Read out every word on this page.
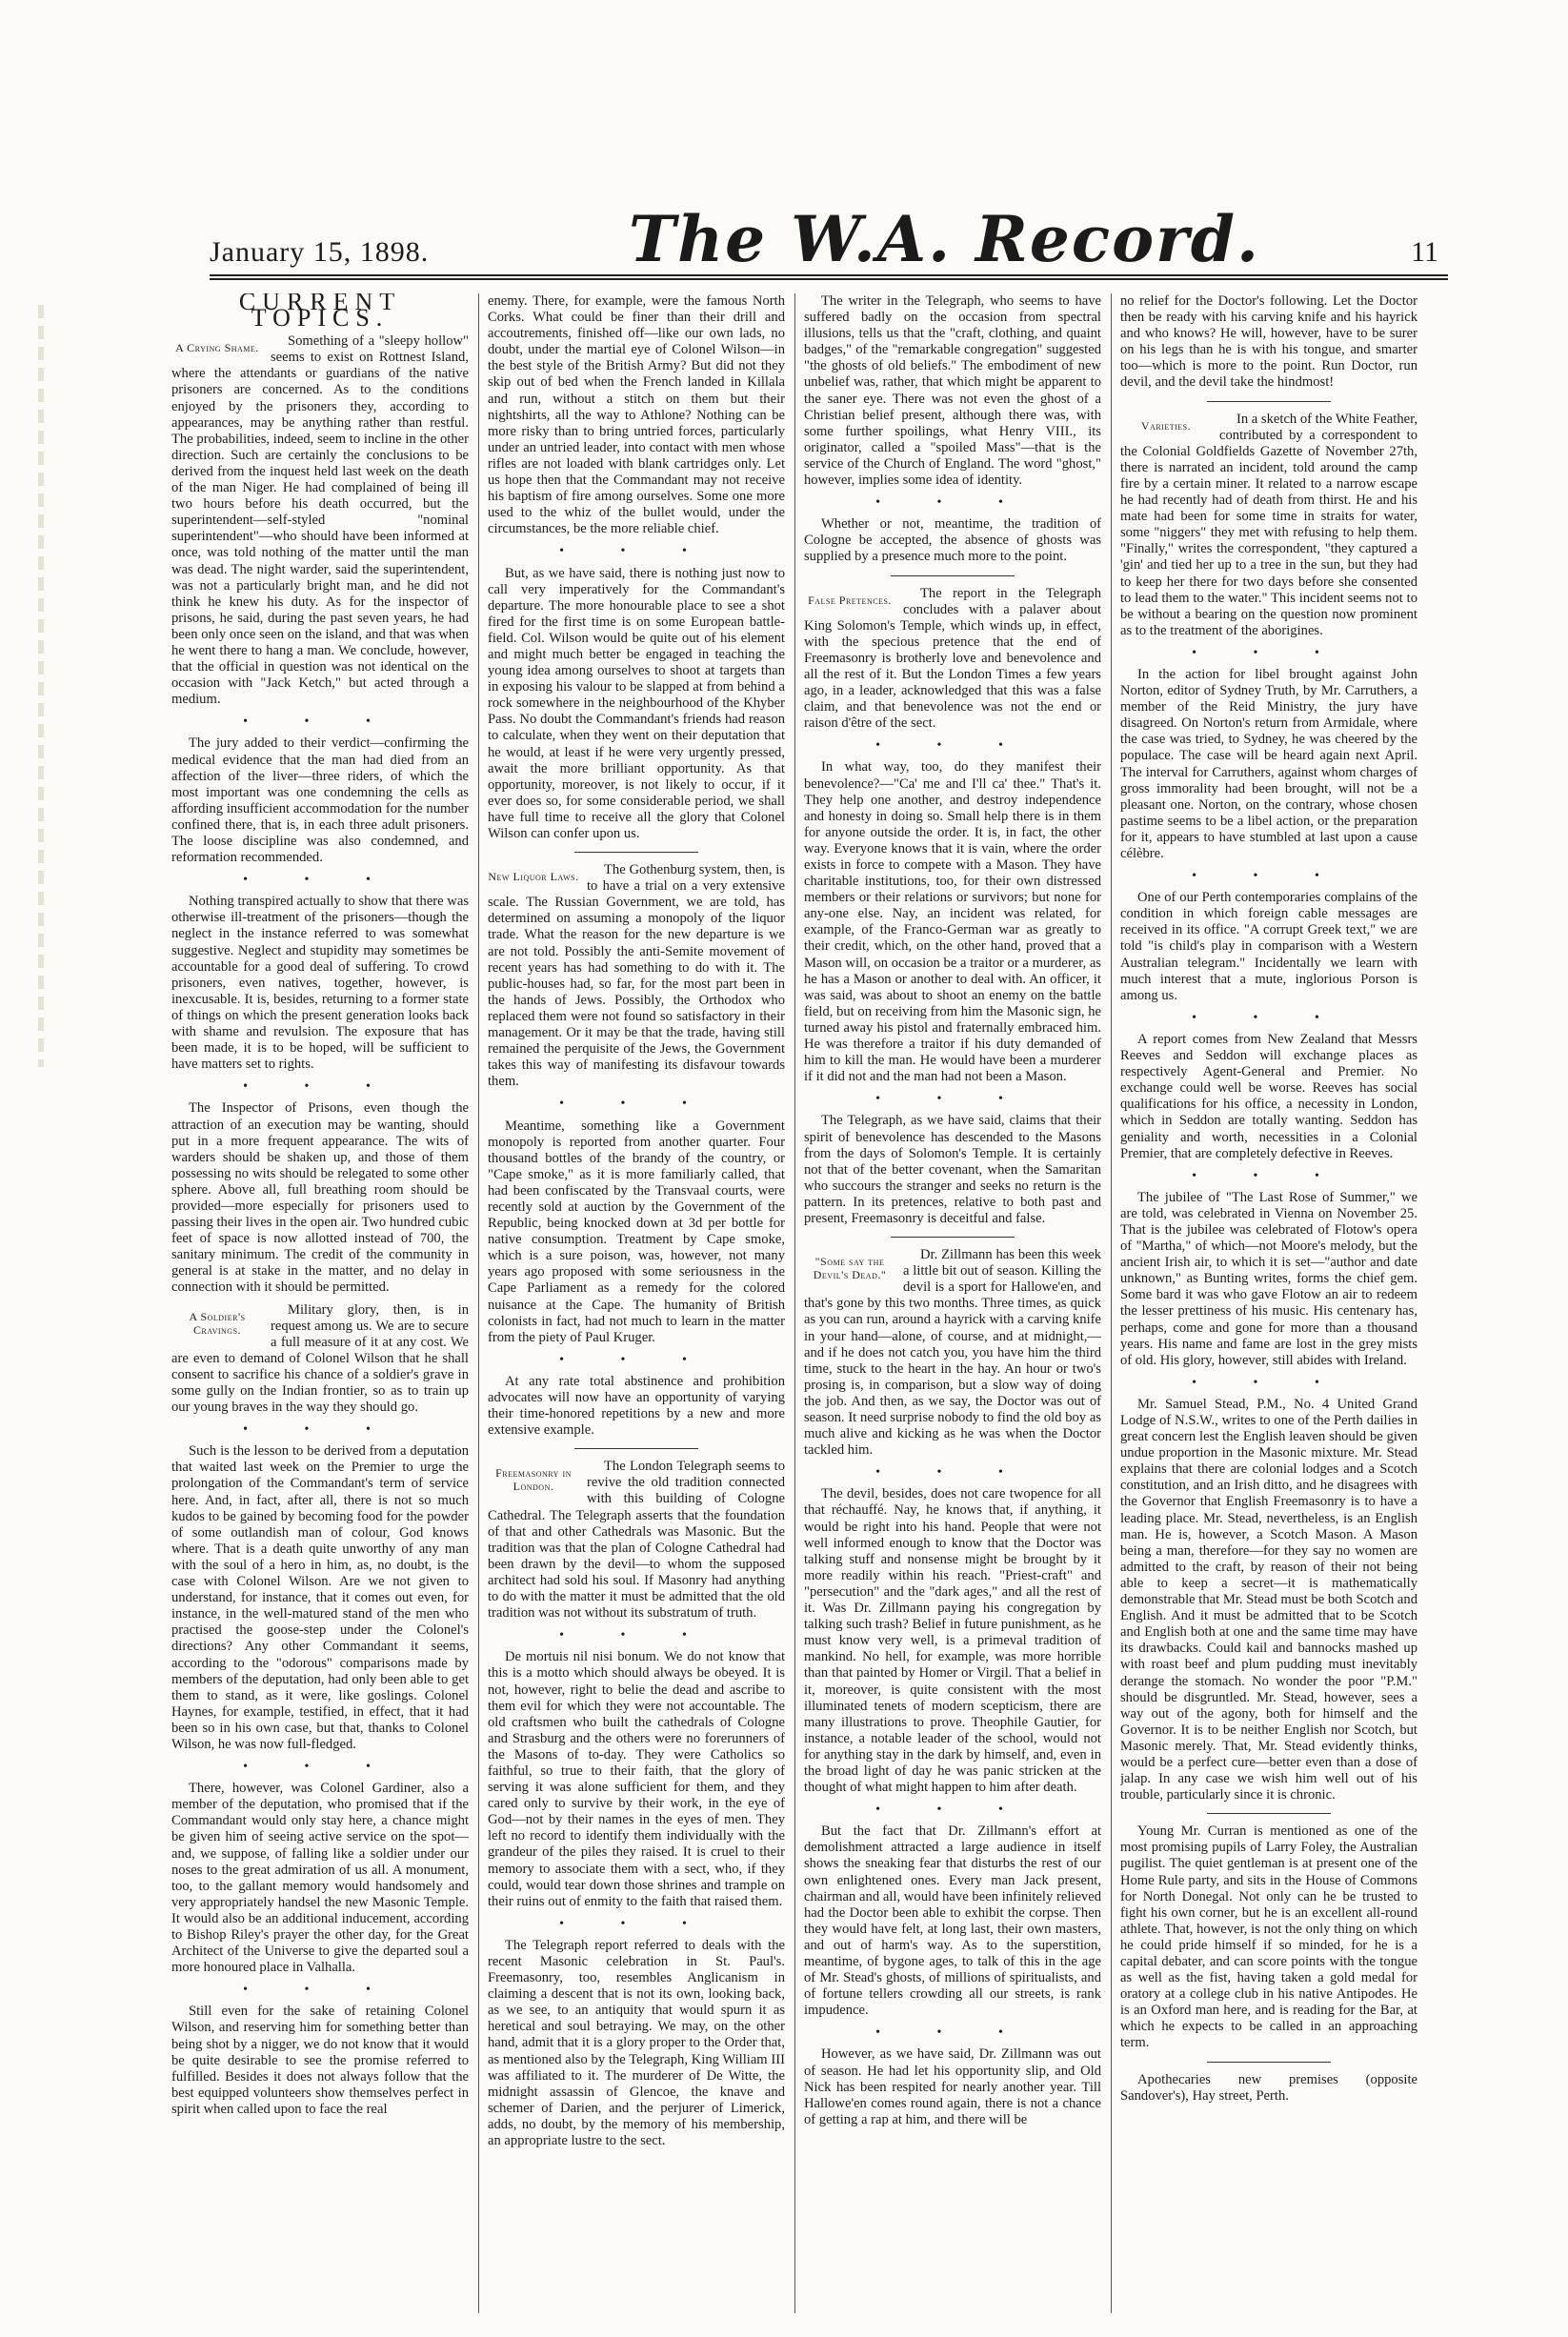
January 15, 1898.	The W.A. Record.	11
CURRENT TOPICS.
A Crying Shame.	Something of a "sleepy hollow" seems to exist on Rottnest Island, where the attendants or guardians of the native prisoners are concerned. As to the conditions enjoyed by the prisoners they, according to appearances, may be anything rather than restful. The probabilities, indeed, seem to incline in the other direction. Such are certainly the conclusions to be derived from the inquest held last week on the death of the man Niger. He had complained of being ill two hours before his death occurred, but the superintendent—self-styled "nominal superintendent"—who should have been informed at once, was told nothing of the matter until the man was dead. The night warder, said the superintendent, was not a particularly bright man, and he did not think he knew his duty. As for the inspector of prisons, he said, during the past seven years, he had been only once seen on the island, and that was when he went there to hang a man. We conclude, however, that the official in question was not identical on the occasion with "Jack Ketch," but acted through a medium.

• • •

The jury added to their verdict—confirming the medical evidence that the man had died from an affection of the liver—three riders, of which the most important was one condemning the cells as affording insufficient accommodation for the number confined there, that is, in each three adult prisoners. The loose discipline was also condemned, and reformation recommended.

• • •

Nothing transpired actually to show that there was otherwise ill-treatment of the prisoners—though the neglect in the instance referred to was somewhat suggestive. Neglect and stupidity may sometimes be accountable for a good deal of suffering. To crowd prisoners, even natives, together, however, is inexcusable. It is, besides, returning to a former state of things on which the present generation looks back with shame and revulsion. The exposure that has been made, it is to be hoped, will be sufficient to have matters set to rights.

• • •

The Inspector of Prisons, even though the attraction of an execution may be wanting, should put in a more frequent appearance. The wits of warders should be shaken up, and those of them possessing no wits should be relegated to some other sphere. Above all, full breathing room should be provided—more especially for prisoners used to passing their lives in the open air. Two hundred cubic feet of space is now allotted instead of 700, the sanitary minimum. The credit of the community in general is at stake in the matter, and no delay in connection with it should be permitted.

A Soldier's Cravings.

Military glory, then, is in request among us. We are to secure a full measure of it at any cost. We are even to demand of Colonel Wilson that he shall consent to sacrifice his chance of a soldier's grave in some gully on the Indian frontier, so as to train up our young braves in the way they should go.

• • •

Such is the lesson to be derived from a deputation that waited last week on the Premier to urge the prolongation of the Commandant's term of service here. And, in fact, after all, there is not so much kudos to be gained by becoming food for the powder of some outlandish man of colour, God knows where. That is a death quite unworthy of any man with the soul of a hero in him, as, no doubt, is the case with Colonel Wilson. Are we not given to understand, for instance, that it comes out even, for instance, in the well-matured stand of the men who practised the goose-step under the Colonel's directions? Any other Commandant it seems, according to the "odorous" comparisons made by members of the deputation, had only been able to get them to stand, as it were, like goslings. Colonel Haynes, for example, testified, in effect, that it had been so in his own case, but that, thanks to Colonel Wilson, he was now full-fledged.

• • •

There, however, was Colonel Gardiner, also a member of the deputation, who promised that if the Commandant would only stay here, a chance might be given him of seeing active service on the spot—and, we suppose, of falling like a soldier under our noses to the great admiration of us all. A monument, too, to the gallant memory would handsomely and very appropriately handsel the new Masonic Temple. It would also be an additional inducement, according to Bishop Riley's prayer the other day, for the Great Architect of the Universe to give the departed soul a more honoured place in Valhalla.

• • •

Still even for the sake of retaining Colonel Wilson, and reserving him for something better than being shot by a nigger, we do not know that it would be quite desirable to see the promise referred to fulfilled. Besides it does not always follow that the best equipped volunteers show themselves perfect in spirit when called upon to face the real

enemy. There, for example, were the famous North Corks. What could be finer than their drill and accoutrements, finished off—like our own lads, no doubt, under the martial eye of Colonel Wilson—in the best style of the British Army? But did not they skip out of bed when the French landed in Killala and run, without a stitch on them but their nightshirts, all the way to Athlone? Nothing can be more risky than to bring untried forces, particularly under an untried leader, into contact with men whose rifles are not loaded with blank cartridges only. Let us hope then that the Commandant may not receive his baptism of fire among ourselves. Some one more used to the whiz of the bullet would, under the circumstances, be the more reliable chief.

• • •

But, as we have said, there is nothing just now to call very imperatively for the Commandant's departure. The more honourable place to see a shot fired for the first time is on some European battle-field. Col. Wilson would be quite out of his element and might much better be engaged in teaching the young idea among ourselves to shoot at targets than in exposing his valour to be slapped at from behind a rock somewhere in the neighbourhood of the Khyber Pass. No doubt the Commandant's friends had reason to calculate, when they went on their deputation that he would, at least if he were very urgently pressed, await the more brilliant opportunity. As that opportunity, moreover, is not likely to occur, if it ever does so, for some considerable period, we shall have full time to receive all the glory that Colonel Wilson can confer upon us.

New Liquor Laws.	The Gothenburg system, then, is to have a trial on a very extensive scale. The Russian Government, we are told, has determined on assuming a monopoly of the liquor trade. What the reason for the new departure is we are not told. Possibly the anti-Semite movement of recent years has had something to do with it. The public-houses had, so far, for the most part been in the hands of Jews. Possibly, the Orthodox who replaced them were not found so satisfactory in their management. Or it may be that the trade, having still remained the perquisite of the Jews, the Government takes this way of manifesting its disfavour towards them.

• • •

Meantime, something like a Government monopoly is reported from another quarter. Four thousand bottles of the brandy of the country, or "Cape smoke," as it is more familiarly called, that had been confiscated by the Transvaal courts, were recently sold at auction by the Government of the Republic, being knocked down at 3d per bottle for native consumption. Treatment by Cape smoke, which is a sure poison, was, however, not many years ago proposed with some seriousness in the Cape Parliament as a remedy for the colored nuisance at the Cape. The humanity of British colonists in fact, had not much to learn in the matter from the piety of Paul Kruger.

• • •

At any rate total abstinence and prohibition advocates will now have an opportunity of varying their time-honored repetitions by a new and more extensive example.

Freemasonry in London.

The London Telegraph seems to revive the old tradition connected with this building of Cologne Cathedral. The Telegraph asserts that the foundation of that and other Cathedrals was Masonic. But the tradition was that the plan of Cologne Cathedral had been drawn by the devil—to whom the supposed architect had sold his soul. If Masonry had anything to do with the matter it must be admitted that the old tradition was not without its substratum of truth.

• • •

De mortuis nil nisi bonum. We do not know that this is a motto which should always be obeyed. It is not, however, right to belie the dead and ascribe to them evil for which they were not accountable. The old craftsmen who built the cathedrals of Cologne and Strasburg and the others were no forerunners of the Masons of to-day. They were Catholics so faithful, so true to their faith, that the glory of serving it was alone sufficient for them, and they cared only to survive by their work, in the eye of God—not by their names in the eyes of men. They left no record to identify them individually with the grandeur of the piles they raised. It is cruel to their memory to associate them with a sect, who, if they could, would tear down those shrines and trample on their ruins out of enmity to the faith that raised them.

• • •

The Telegraph report referred to deals with the recent Masonic celebration in St. Paul's. Freemasonry, too, resembles Anglicanism in claiming a descent that is not its own, looking back, as we see, to an antiquity that would spurn it as heretical and soul betraying. We may, on the other hand, admit that it is a glory proper to the Order that, as mentioned also by the Telegraph, King William III was affiliated to it. The murderer of De Witte, the midnight assassin of Glencoe, the knave and schemer of Darien, and the perjurer of Limerick, adds, no doubt, by the memory of his membership, an appropriate lustre to the sect.

The writer in the Telegraph, who seems to have suffered badly on the occasion from spectral illusions, tells us that the "craft, clothing, and quaint badges," of the "remarkable congregation" suggested "the ghosts of old beliefs." The embodiment of new unbelief was, rather, that which might be apparent to the saner eye. There was not even the ghost of a Christian belief present, although there was, with some further spoilings, what Henry VIII., its originator, called a "spoiled Mass"—that is the service of the Church of England. The word "ghost," however, implies some idea of identity.

• • •

Whether or not, meantime, the tradition of Cologne be accepted, the absence of ghosts was supplied by a presence much more to the point.

False Pretences.	The report in the Telegraph concludes with a palaver about King Solomon's Temple, which winds up, in effect, with the specious pretence that the end of Freemasonry is brotherly love and benevolence and all the rest of it. But the London Times a few years ago, in a leader, acknowledged that this was a false claim, and that benevolence was not the end or raison d'être of the sect.

• • •

In what way, too, do they manifest their benevolence?—"Ca' me and I'll ca' thee." That's it. They help one another, and destroy independence and honesty in doing so. Small help there is in them for anyone outside the order. It is, in fact, the other way. Everyone knows that it is vain, where the order exists in force to compete with a Mason. They have charitable institutions, too, for their own distressed members or their relations or survivors; but none for any-one else. Nay, an incident was related, for example, of the Franco-German war as greatly to their credit, which, on the other hand, proved that a Mason will, on occasion be a traitor or a murderer, as he has a Mason or another to deal with. An officer, it was said, was about to shoot an enemy on the battle field, but on receiving from him the Masonic sign, he turned away his pistol and fraternally embraced him. He was therefore a traitor if his duty demanded of him to kill the man. He would have been a murderer if it did not and the man had not been a Mason.

• • •

The Telegraph, as we have said, claims that their spirit of benevolence has descended to the Masons from the days of Solomon's Temple. It is certainly not that of the better covenant, when the Samaritan who succours the stranger and seeks no return is the pattern. In its pretences, relative to both past and present, Freemasonry is deceitful and false.

"Some say the Devil's Dead."

Dr. Zillmann has been this week a little bit out of season. Killing the devil is a sport for Hallowe'en, and that's gone by this two months. Three times, as quick as you can run, around a hayrick with a carving knife in your hand—alone, of course, and at midnight,—and if he does not catch you, you have him the third time, stuck to the heart in the hay. An hour or two's prosing is, in comparison, but a slow way of doing the job. And then, as we say, the Doctor was out of season. It need surprise nobody to find the old boy as much alive and kicking as he was when the Doctor tackled him.

• • •

The devil, besides, does not care twopence for all that réchauffé. Nay, he knows that, if anything, it would be right into his hand. People that were not well informed enough to know that the Doctor was talking stuff and nonsense might be brought by it more readily within his reach. "Priest-craft" and "persecution" and the "dark ages," and all the rest of it. Was Dr. Zillmann paying his congregation by talking such trash? Belief in future punishment, as he must know very well, is a primeval tradition of mankind. No hell, for example, was more horrible than that painted by Homer or Virgil. That a belief in it, moreover, is quite consistent with the most illuminated tenets of modern scepticism, there are many illustrations to prove. Theophile Gautier, for instance, a notable leader of the school, would not for anything stay in the dark by himself, and, even in the broad light of day he was panic stricken at the thought of what might happen to him after death.

• • •

But the fact that Dr. Zillmann's effort at demolishment attracted a large audience in itself shows the sneaking fear that disturbs the rest of our own enlightened ones. Every man Jack present, chairman and all, would have been infinitely relieved had the Doctor been able to exhibit the corpse. Then they would have felt, at long last, their own masters, and out of harm's way. As to the superstition, meantime, of bygone ages, to talk of this in the age of Mr. Stead's ghosts, of millions of spiritualists, and of fortune tellers crowding all our streets, is rank impudence.

• • •

However, as we have said, Dr. Zillmann was out of season. He had let his opportunity slip, and Old Nick has been respited for nearly another year. Till Hallowe'en comes round again, there is not a chance of getting a rap at him, and there will be

no relief for the Doctor's following. Let the Doctor then be ready with his carving knife and his hayrick and who knows? He will, however, have to be surer on his legs than he is with his tongue, and smarter too—which is more to the point. Run Doctor, run devil, and the devil take the hindmost!

Varieties.	In a sketch of the White Feather, contributed by a correspondent to the Colonial Goldfields Gazette of November 27th, there is narrated an incident, told around the camp fire by a certain miner. It related to a narrow escape he had recently had of death from thirst. He and his mate had been for some time in straits for water, some "niggers" they met with refusing to help them. "Finally," writes the correspondent, "they captured a 'gin' and tied her up to a tree in the sun, but they had to keep her there for two days before she consented to lead them to the water." This incident seems not to be without a bearing on the question now prominent as to the treatment of the aborigines.

• • •

In the action for libel brought against John Norton, editor of Sydney Truth, by Mr. Carruthers, a member of the Reid Ministry, the jury have disagreed. On Norton's return from Armidale, where the case was tried, to Sydney, he was cheered by the populace. The case will be heard again next April. The interval for Carruthers, against whom charges of gross immorality had been brought, will not be a pleasant one. Norton, on the contrary, whose chosen pastime seems to be a libel action, or the preparation for it, appears to have stumbled at last upon a cause célèbre.

• • •

One of our Perth contemporaries complains of the condition in which foreign cable messages are received in its office. "A corrupt Greek text," we are told "is child's play in comparison with a Western Australian telegram." Incidentally we learn with much interest that a mute, inglorious Porson is among us.

• • •

A report comes from New Zealand that Messrs Reeves and Seddon will exchange places as respectively Agent-General and Premier. No exchange could well be worse. Reeves has social qualifications for his office, a necessity in London, which in Seddon are totally wanting. Seddon has geniality and worth, necessities in a Colonial Premier, that are completely defective in Reeves.

• • •

The jubilee of "The Last Rose of Summer," we are told, was celebrated in Vienna on November 25. That is the jubilee was celebrated of Flotow's opera of "Martha," of which—not Moore's melody, but the ancient Irish air, to which it is set—"author and date unknown," as Bunting writes, forms the chief gem. Some bard it was who gave Flotow an air to redeem the lesser prettiness of his music. His centenary has, perhaps, come and gone for more than a thousand years. His name and fame are lost in the grey mists of old. His glory, however, still abides with Ireland.

• • •

Mr. Samuel Stead, P.M., No. 4 United Grand Lodge of N.S.W., writes to one of the Perth dailies in great concern lest the English leaven should be given undue proportion in the Masonic mixture. Mr. Stead explains that there are colonial lodges and a Scotch constitution, and an Irish ditto, and he disagrees with the Governor that English Freemasonry is to have a leading place. Mr. Stead, nevertheless, is an English man. He is, however, a Scotch Mason. A Mason being a man, therefore—for they say no women are admitted to the craft, by reason of their not being able to keep a secret—it is mathematically demonstrable that Mr. Stead must be both Scotch and English. And it must be admitted that to be Scotch and English both at one and the same time may have its drawbacks. Could kail and bannocks mashed up with roast beef and plum pudding must inevitably derange the stomach. No wonder the poor "P.M." should be disgruntled. Mr. Stead, however, sees a way out of the agony, both for himself and the Governor. It is to be neither English nor Scotch, but Masonic merely. That, Mr. Stead evidently thinks, would be a perfect cure—better even than a dose of jalap. In any case we wish him well out of his trouble, particularly since it is chronic.

Young Mr. Curran is mentioned as one of the most promising pupils of Larry Foley, the Australian pugilist. The quiet gentleman is at present one of the Home Rule party, and sits in the House of Commons for North Donegal. Not only can he be trusted to fight his own corner, but he is an excellent all-round athlete. That, however, is not the only thing on which he could pride himself if so minded, for he is a capital debater, and can score points with the tongue as well as the fist, having taken a gold medal for oratory at a college club in his native Antipodes. He is an Oxford man here, and is reading for the Bar, at which he expects to be called in an approaching term.

Apothecaries new premises (opposite Sandover's), Hay street, Perth.
